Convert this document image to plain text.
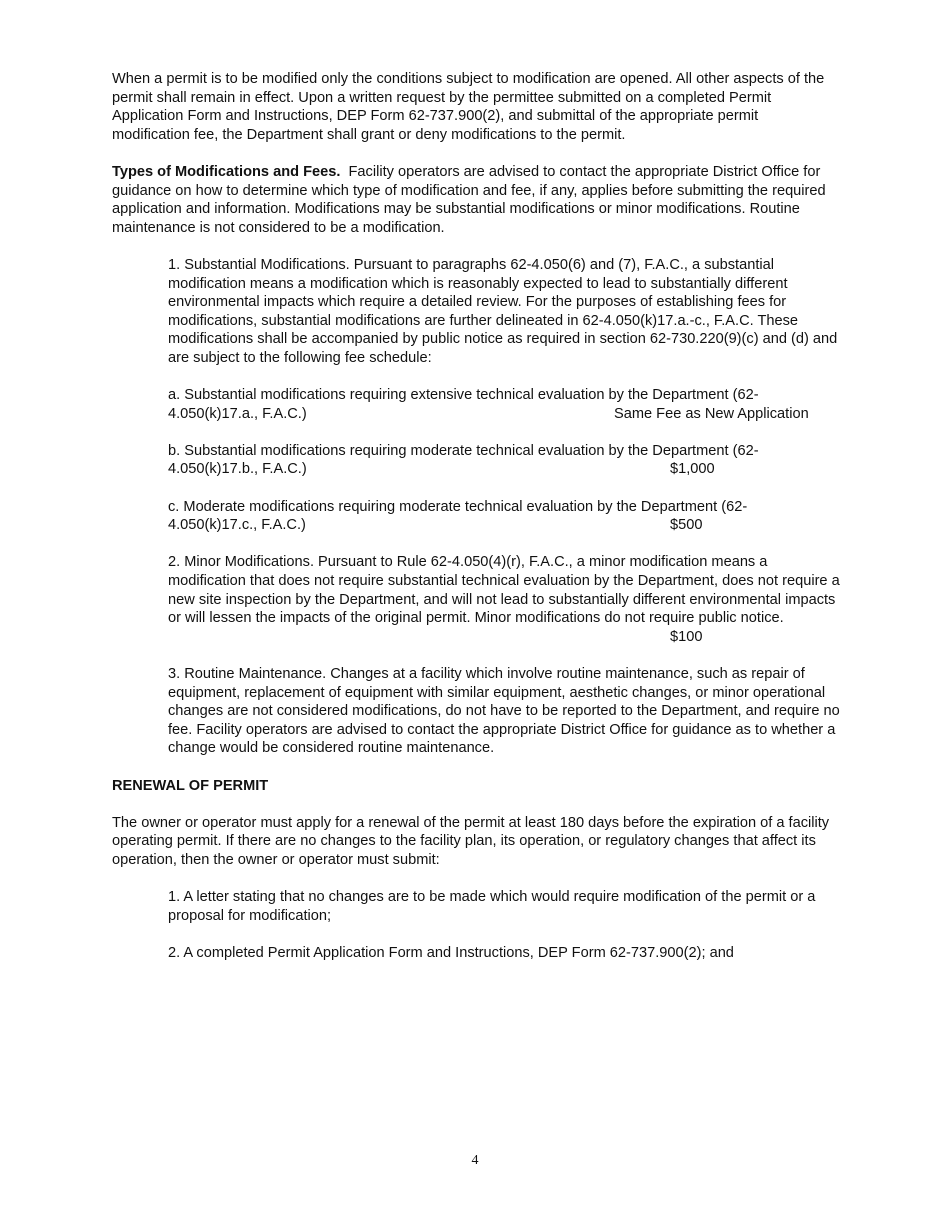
When a permit is to be modified only the conditions subject to modification are opened. All other aspects of the permit shall remain in effect. Upon a written request by the permittee submitted on a completed Permit Application Form and Instructions, DEP Form 62-737.900(2), and submittal of the appropriate permit modification fee, the Department shall grant or deny modifications to the permit.

Types of Modifications and Fees. Facility operators are advised to contact the appropriate District Office for guidance on how to determine which type of modification and fee, if any, applies before submitting the required application and information. Modifications may be substantial modifications or minor modifications. Routine maintenance is not considered to be a modification.

1. Substantial Modifications. Pursuant to paragraphs 62-4.050(6) and (7), F.A.C., a substantial modification means a modification which is reasonably expected to lead to substantially different environmental impacts which require a detailed review. For the purposes of establishing fees for modifications, substantial modifications are further delineated in 62-4.050(k)17.a.-c., F.A.C. These modifications shall be accompanied by public notice as required in section 62-730.220(9)(c) and (d) and are subject to the following fee schedule:

a. Substantial modifications requiring extensive technical evaluation by the Department (62-

4.050(k)17.a., F.A.C.)	Same Fee as New Application

b. Substantial modifications requiring moderate technical evaluation by the Department (62-

4.050(k)17.b., F.A.C.)	$1,000

c. Moderate modifications requiring moderate technical evaluation by the Department (62-

4.050(k)17.c., F.A.C.)	$500

2. Minor Modifications. Pursuant to Rule 62-4.050(4)(r), F.A.C., a minor modification means a modification that does not require substantial technical evaluation by the Department, does not require a new site inspection by the Department, and will not lead to substantially different environmental impacts or will lessen the impacts of the original permit. Minor modifications do not require public notice.

$100

3. Routine Maintenance. Changes at a facility which involve routine maintenance, such as repair of equipment, replacement of equipment with similar equipment, aesthetic changes, or minor operational changes are not considered modifications, do not have to be reported to the Department, and require no fee. Facility operators are advised to contact the appropriate District Office for guidance as to whether a change would be considered routine maintenance.

RENEWAL OF PERMIT

The owner or operator must apply for a renewal of the permit at least 180 days before the expiration of a facility operating permit. If there are no changes to the facility plan, its operation, or regulatory changes that affect its operation, then the owner or operator must submit:

1. A letter stating that no changes are to be made which would require modification of the permit or a proposal for modification;

2. A completed Permit Application Form and Instructions, DEP Form 62-737.900(2); and

4
